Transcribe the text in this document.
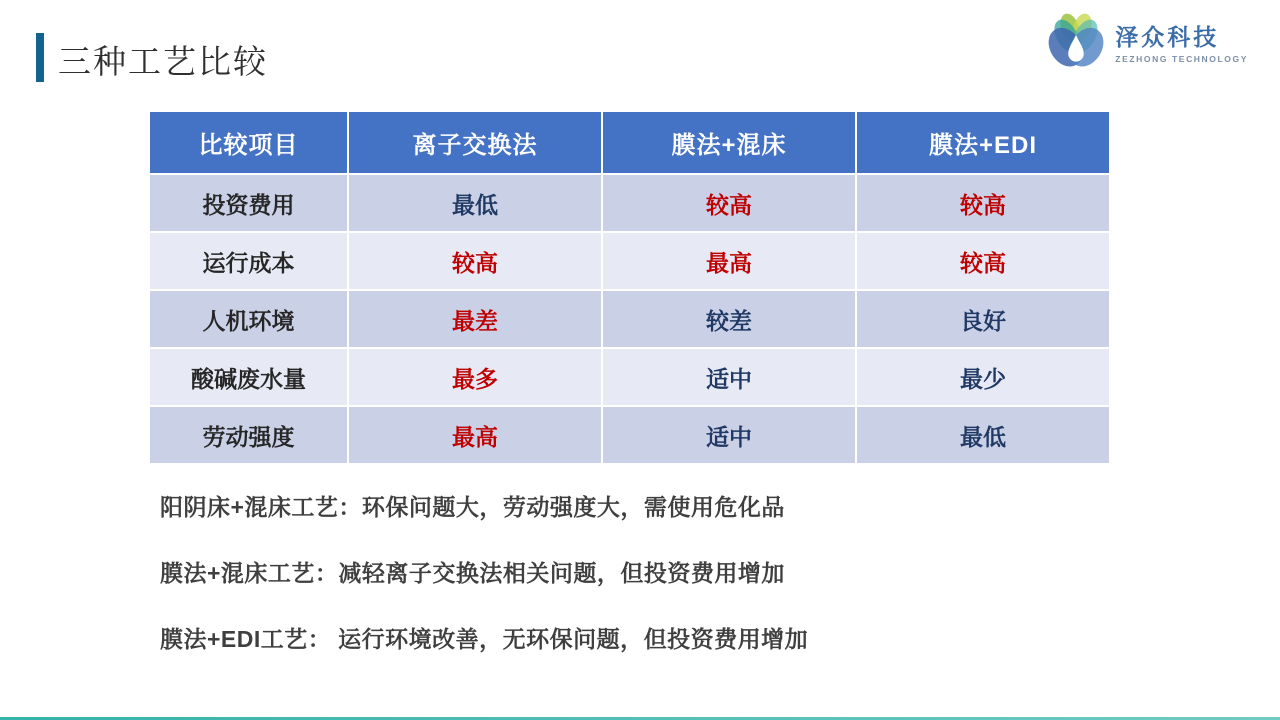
三种工艺比较
泽众科技
ZEZHONG TECHNOLOGY
比较项目	离子交换法	膜法+混床	膜法+EDI
投资费用	最低	较高	较高
运行成本	较高	最高	较高
人机环境	最差	较差	良好
酸碱废水量	最多	适中	最少
劳动强度	最高	适中	最低
阳阴床+混床工艺：环保问题大，劳动强度大，需使用危化品
膜法+混床工艺：减轻离子交换法相关问题，但投资费用增加
膜法+EDI工艺： 运行环境改善，无环保问题，但投资费用增加
